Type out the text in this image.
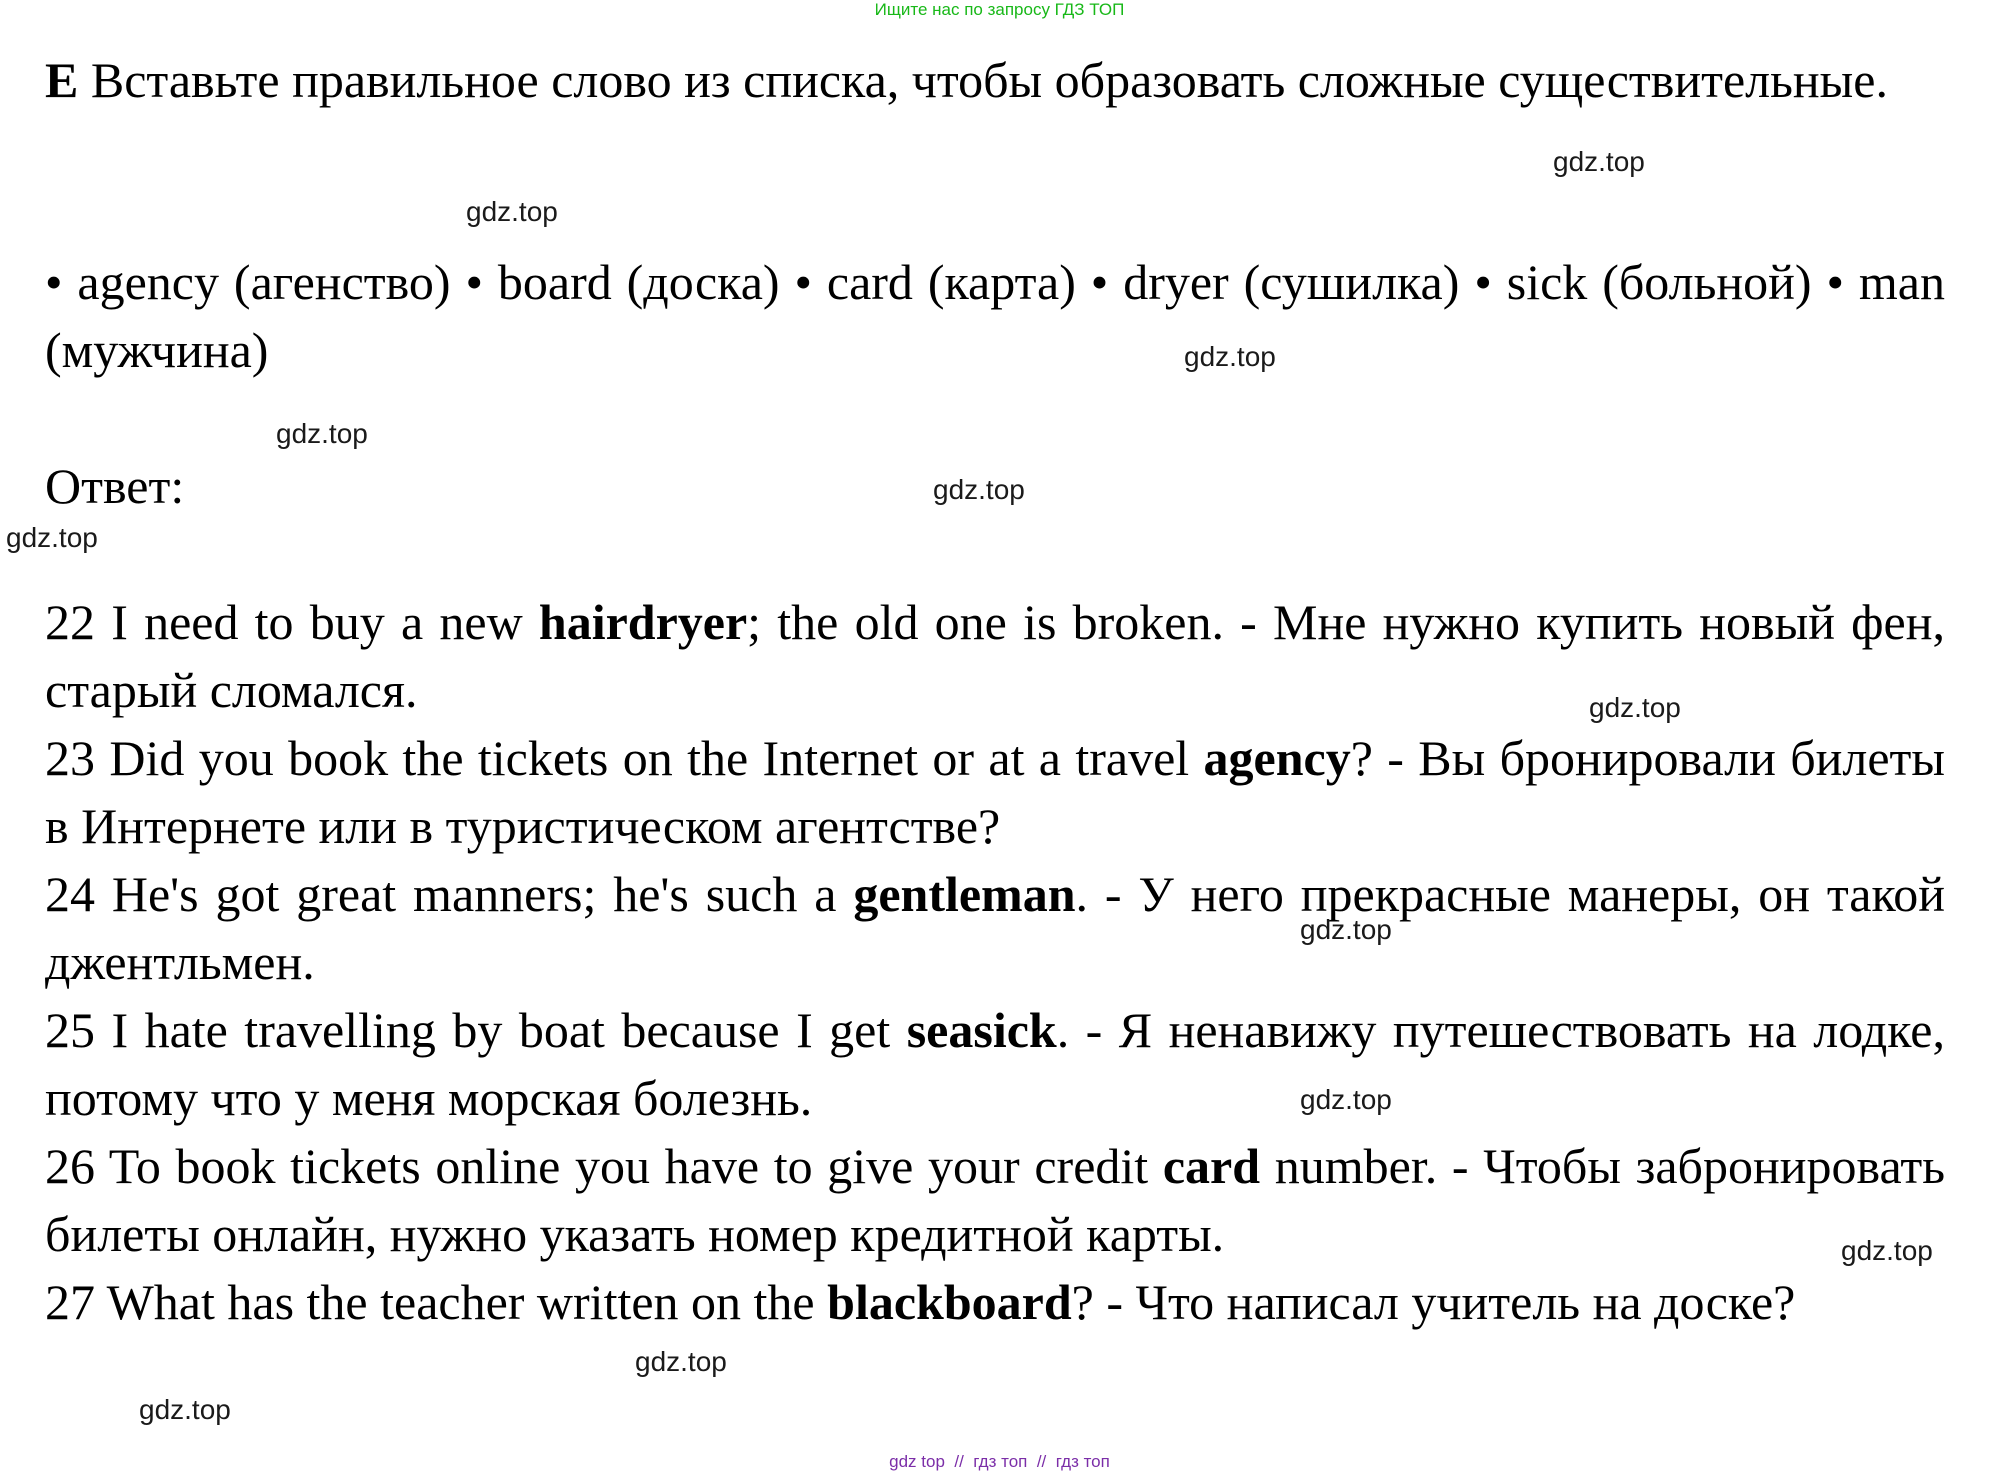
Ищите нас по запросу ГДЗ ТОП
E Вставьте правильное слово из списка, чтобы образовать сложные существительные.
• agency (агенство) • board (доска) • card (карта) • dryer (сушилка) • sick (больной) • man (мужчина)
Ответ:

22 I need to buy a new hairdryer; the old one is broken. - Мне нужно купить новый фен, старый сломался.

23 Did you book the tickets on the Internet or at a travel agency? - Вы бронировали билеты в Интернете или в туристическом агентстве?

24 He's got great manners; he's such a gentleman. - У него прекрасные манеры, он такой джентльмен.

25 I hate travelling by boat because I get seasick. - Я ненавижу путешествовать на лодке, потому что у меня морская болезнь.

26 To book tickets online you have to give your credit card number. - Чтобы забронировать билеты онлайн, нужно указать номер кредитной карты.

27 What has the teacher written on the blackboard? - Что написал учитель на доске?

gdz.top
gdz.top
gdz.top
gdz.top
gdz.top
gdz.top
gdz.top
gdz.top
gdz.top
gdz.top
gdz.top
gdz.top
gdz top  //  гдз топ  //  гдз топ
